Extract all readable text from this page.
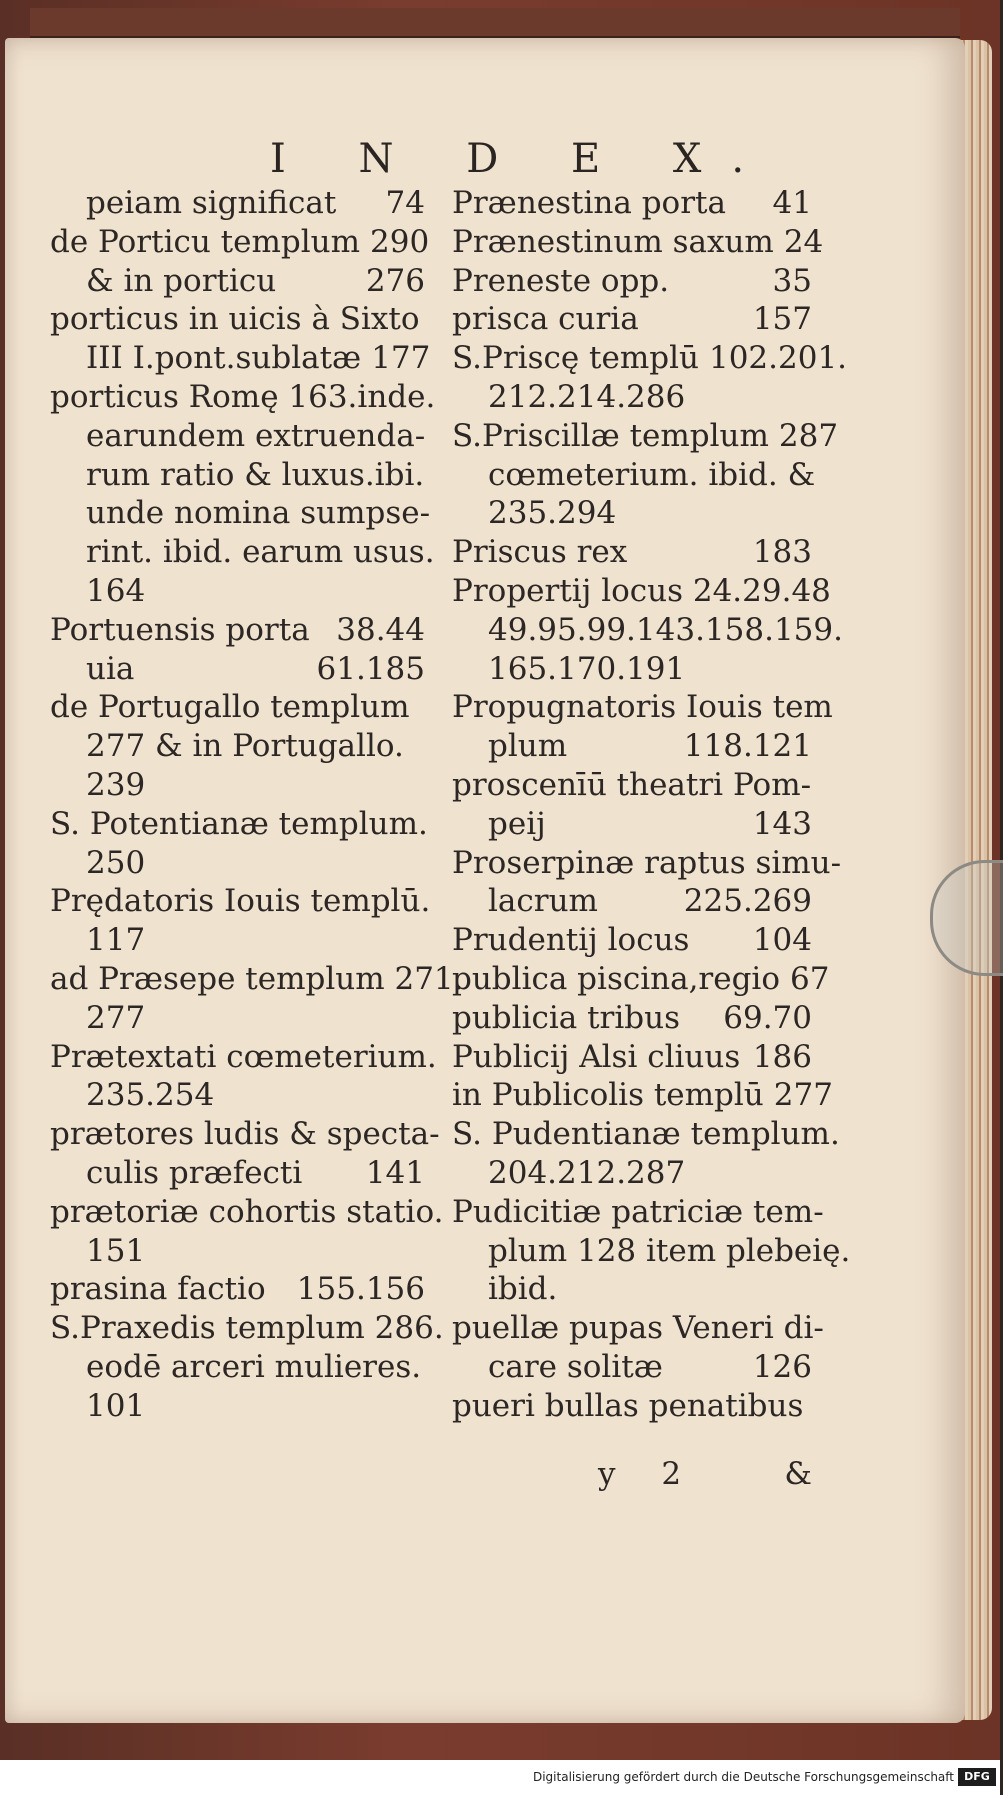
I N D E X.
peiam significat	74
de Porticu templum 290
& in porticu	276
porticus in uicis à Sixto
III I.pont.sublatæ 177
porticus Romę 163.inde.
earundem extruenda-
rum ratio & luxus.ibi.
unde nomina sumpse-
rint. ibid. earum usus.
164
Portuensis porta 38.44
uia	61.185
de Portugallo templum
277 & in Portugallo.
239
S. Potentianæ templum.
250
Prędatoris Iouis templū.
117
ad Præsepe templum 271.
277
Prætextati cœmeterium.
235.254
prætores ludis & specta-
culis præfecti	141
prætoriæ cohortis statio.
151
prasina factio	155.156
S.Praxedis templum 286.
eodē arceri mulieres.
101
Prænestina porta	41
Prænestinum saxum 24
Preneste opp.	35
prisca curia	157
S.Priscę templū 102.201.
212.214.286
S.Priscillæ templum 287
cœmeterium. ibid. &
235.294
Priscus rex	183
Propertij locus 24.29.48
49.95.99.143.158.159.
165.170.191
Propugnatoris Iouis tem
plum	118.121
proscenīū theatri Pom-
peij	143
Proserpinæ raptus simu-
lacrum	225.269
Prudentij locus	104
publica piscina,regio 67
publicia tribus	69.70
Publicij Alsi cliuus 186
in Publicolis templū 277
S. Pudentianæ templum.
204.212.287
Pudicitiæ patriciæ tem-
plum 128 item plebeię.
ibid.
puellæ pupas Veneri di-
care solitæ	126
pueri bullas penatibus
y 2	&
Digitalisierung gefördert durch die Deutsche Forschungsgemeinschaft DFG
